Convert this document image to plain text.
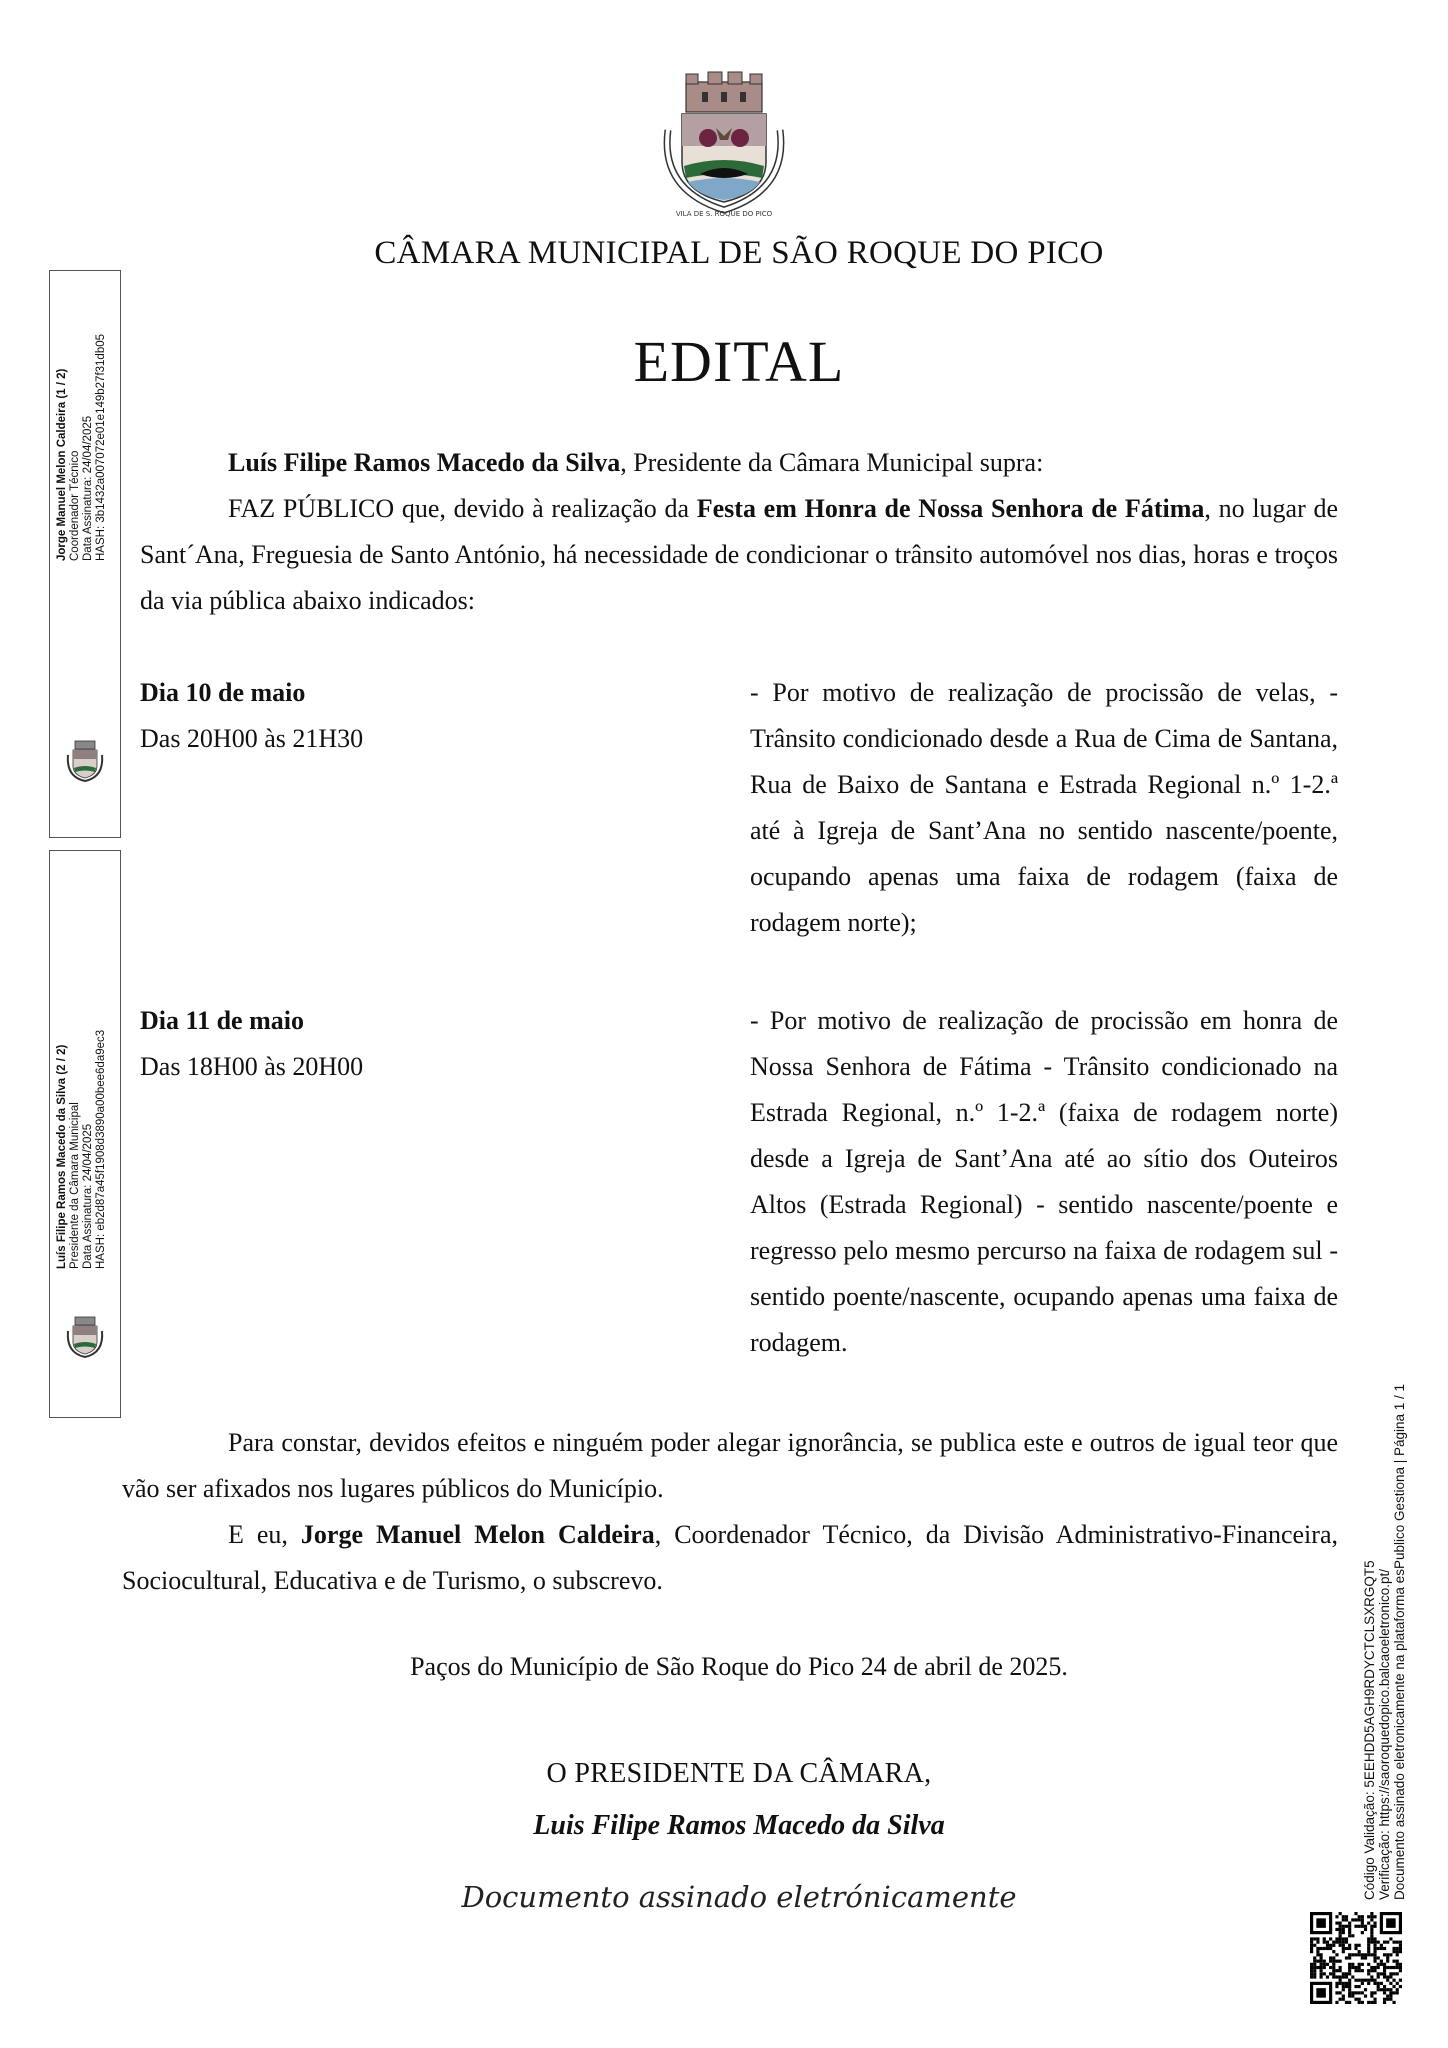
VILA DE S. ROQUE DO PICO
CÂMARA MUNICIPAL DE SÃO ROQUE DO PICO
EDITAL
Luís Filipe Ramos Macedo da Silva, Presidente da Câmara Municipal supra:
FAZ PÚBLICO que, devido à realização da Festa em Honra de Nossa Senhora de Fátima, no lugar de Sant´Ana, Freguesia de Santo António, há necessidade de condicionar o trânsito automóvel nos dias, horas e troços da via pública abaixo indicados:
Dia 10 de maio
Das 20H00 às 21H30
- Por motivo de realização de procissão de velas, - Trânsito condicionado desde a Rua de Cima de Santana, Rua de Baixo de Santana e Estrada Regional n.º 1-2.ª até à Igreja de Sant’Ana no sentido nascente/poente, ocupando apenas uma faixa de rodagem (faixa de rodagem norte);
Dia 11 de maio
Das 18H00 às 20H00
- Por motivo de realização de procissão em honra de Nossa Senhora de Fátima - Trânsito condicionado na Estrada Regional, n.º 1-2.ª (faixa de rodagem norte) desde a Igreja de Sant’Ana até ao sítio dos Outeiros Altos (Estrada Regional) - sentido nascente/poente e regresso pelo mesmo percurso na faixa de rodagem sul - sentido poente/nascente, ocupando apenas uma faixa de rodagem.

Para constar, devidos efeitos e ninguém poder alegar ignorância, se publica este e outros de igual teor que vão ser afixados nos lugares públicos do Município.

E eu, Jorge Manuel Melon Caldeira, Coordenador Técnico, da Divisão Administrativo-Financeira, Sociocultural, Educativa e de Turismo, o subscrevo.

Paços do Município de São Roque do Pico 24 de abril de 2025.
O PRESIDENTE DA CÂMARA,
Luis Filipe Ramos Macedo da Silva
Documento assinado eletrónicamente
Jorge Manuel Melon Caldeira (1 / 2) Coordenador Técnico Data Assinatura: 24/04/2025 HASH: 3b1432a007072e01e149b27f31db05
Luís Filipe Ramos Macedo da Silva (2 / 2) Presidente da Câmara Municipal Data Assinatura: 24/04/2025 HASH: eb2d87a45f1908d3890a00bee6da9ec3
Código Validação: 5EEHDD5AGH9RDYCTCLSXRGQT5 Verificação: https://saoroquedopico.balcaoeletronico.pt/ Documento assinado eletronicamente na plataforma esPublico Gestiona | Página 1 / 1
